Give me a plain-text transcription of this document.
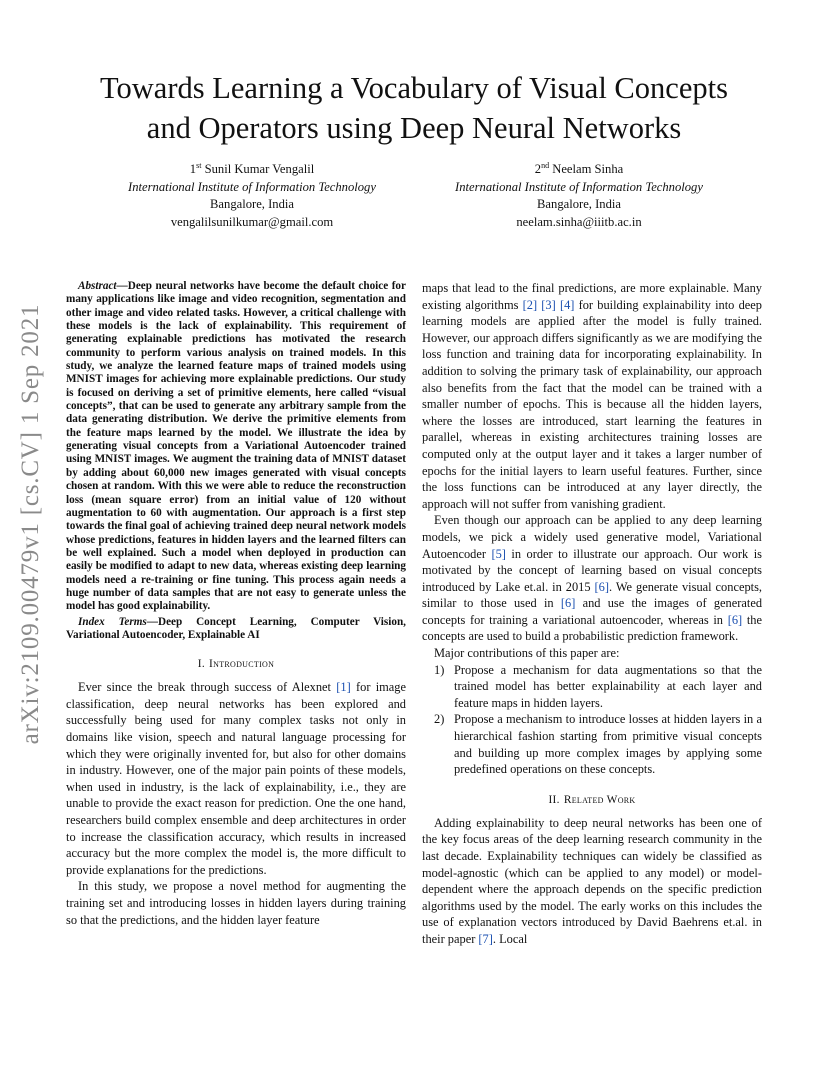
Towards Learning a Vocabulary of Visual Concepts
and Operators using Deep Neural Networks
1st Sunil Kumar Vengalil
International Institute of Information Technology
Bangalore, India
vengalilsunilkumar@gmail.com
2nd Neelam Sinha
International Institute of Information Technology
Bangalore, India
neelam.sinha@iiitb.ac.in
arXiv:2109.00479v1 [cs.CV] 1 Sep 2021

Abstract—Deep neural networks have become the default choice for many applications like image and video recognition, segmentation and other image and video related tasks. However, a critical challenge with these models is the lack of explainability. This requirement of generating explainable predictions has motivated the research community to perform various analysis on trained models. In this study, we analyze the learned feature maps of trained models using MNIST images for achieving more explainable predictions. Our study is focused on deriving a set of primitive elements, here called “visual concepts”, that can be used to generate any arbitrary sample from the data generating distribution. We derive the primitive elements from the feature maps learned by the model. We illustrate the idea by generating visual concepts from a Variational Autoencoder trained using MNIST images. We augment the training data of MNIST dataset by adding about 60,000 new images generated with visual concepts chosen at random. With this we were able to reduce the reconstruction loss (mean square error) from an initial value of 120 without augmentation to 60 with augmentation. Our approach is a first step towards the final goal of achieving trained deep neural network models whose predictions, features in hidden layers and the learned filters can be well explained. Such a model when deployed in production can easily be modified to adapt to new data, whereas existing deep learning models need a re-training or fine tuning. This process again needs a huge number of data samples that are not easy to generate unless the model has good explainability.

Index Terms—Deep Concept Learning, Computer Vision, Variational Autoencoder, Explainable AI

I. Introduction

Ever since the break through success of Alexnet [1] for image classification, deep neural networks has been explored and successfully being used for many complex tasks not only in domains like vision, speech and natural language processing for which they were originally invented for, but also for other domains in industry. However, one of the major pain points of these models, when used in industry, is the lack of explainability, i.e., they are unable to provide the exact reason for prediction. One the one hand, researchers build complex ensemble and deep architectures in order to increase the classification accuracy, which results in increased accuracy but the more complex the model is, the more difficult to provide explanations for the predictions.

In this study, we propose a novel method for augmenting the training set and introducing losses in hidden layers during training so that the predictions, and the hidden layer feature

maps that lead to the final predictions, are more explainable. Many existing algorithms [2] [3] [4] for building explainability into deep learning models are applied after the model is fully trained. However, our approach differs significantly as we are modifying the loss function and training data for incorporating explainability. In addition to solving the primary task of explainability, our approach also benefits from the fact that the model can be trained with a smaller number of epochs. This is because all the hidden layers, where the losses are introduced, start learning the features in parallel, whereas in existing architectures training losses are computed only at the output layer and it takes a larger number of epochs for the initial layers to learn useful features. Further, since the loss functions can be introduced at any layer directly, the approach will not suffer from vanishing gradient.

Even though our approach can be applied to any deep learning models, we pick a widely used generative model, Variational Autoencoder [5] in order to illustrate our approach. Our work is motivated by the concept of learning based on visual concepts introduced by Lake et.al. in 2015 [6]. We generate visual concepts, similar to those used in [6] and use the images of generated concepts for training a variational autoencoder, whereas in [6] the concepts are used to build a probabilistic prediction framework.

Major contributions of this paper are:

1) Propose a mechanism for data augmentations so that the trained model has better explainability at each layer and feature maps in hidden layers.
2) Propose a mechanism to introduce losses at hidden layers in a hierarchical fashion starting from primitive visual concepts and building up more complex images by applying some predefined operations on these concepts.
II. Related Work

Adding explainability to deep neural networks has been one of the key focus areas of the deep learning research community in the last decade. Explainability techniques can widely be classified as model-agnostic (which can be applied to any model) or model-dependent where the approach depends on the specific prediction algorithms used by the model. The early works on this includes the use of explanation vectors introduced by David Baehrens et.al. in their paper [7]. Local
